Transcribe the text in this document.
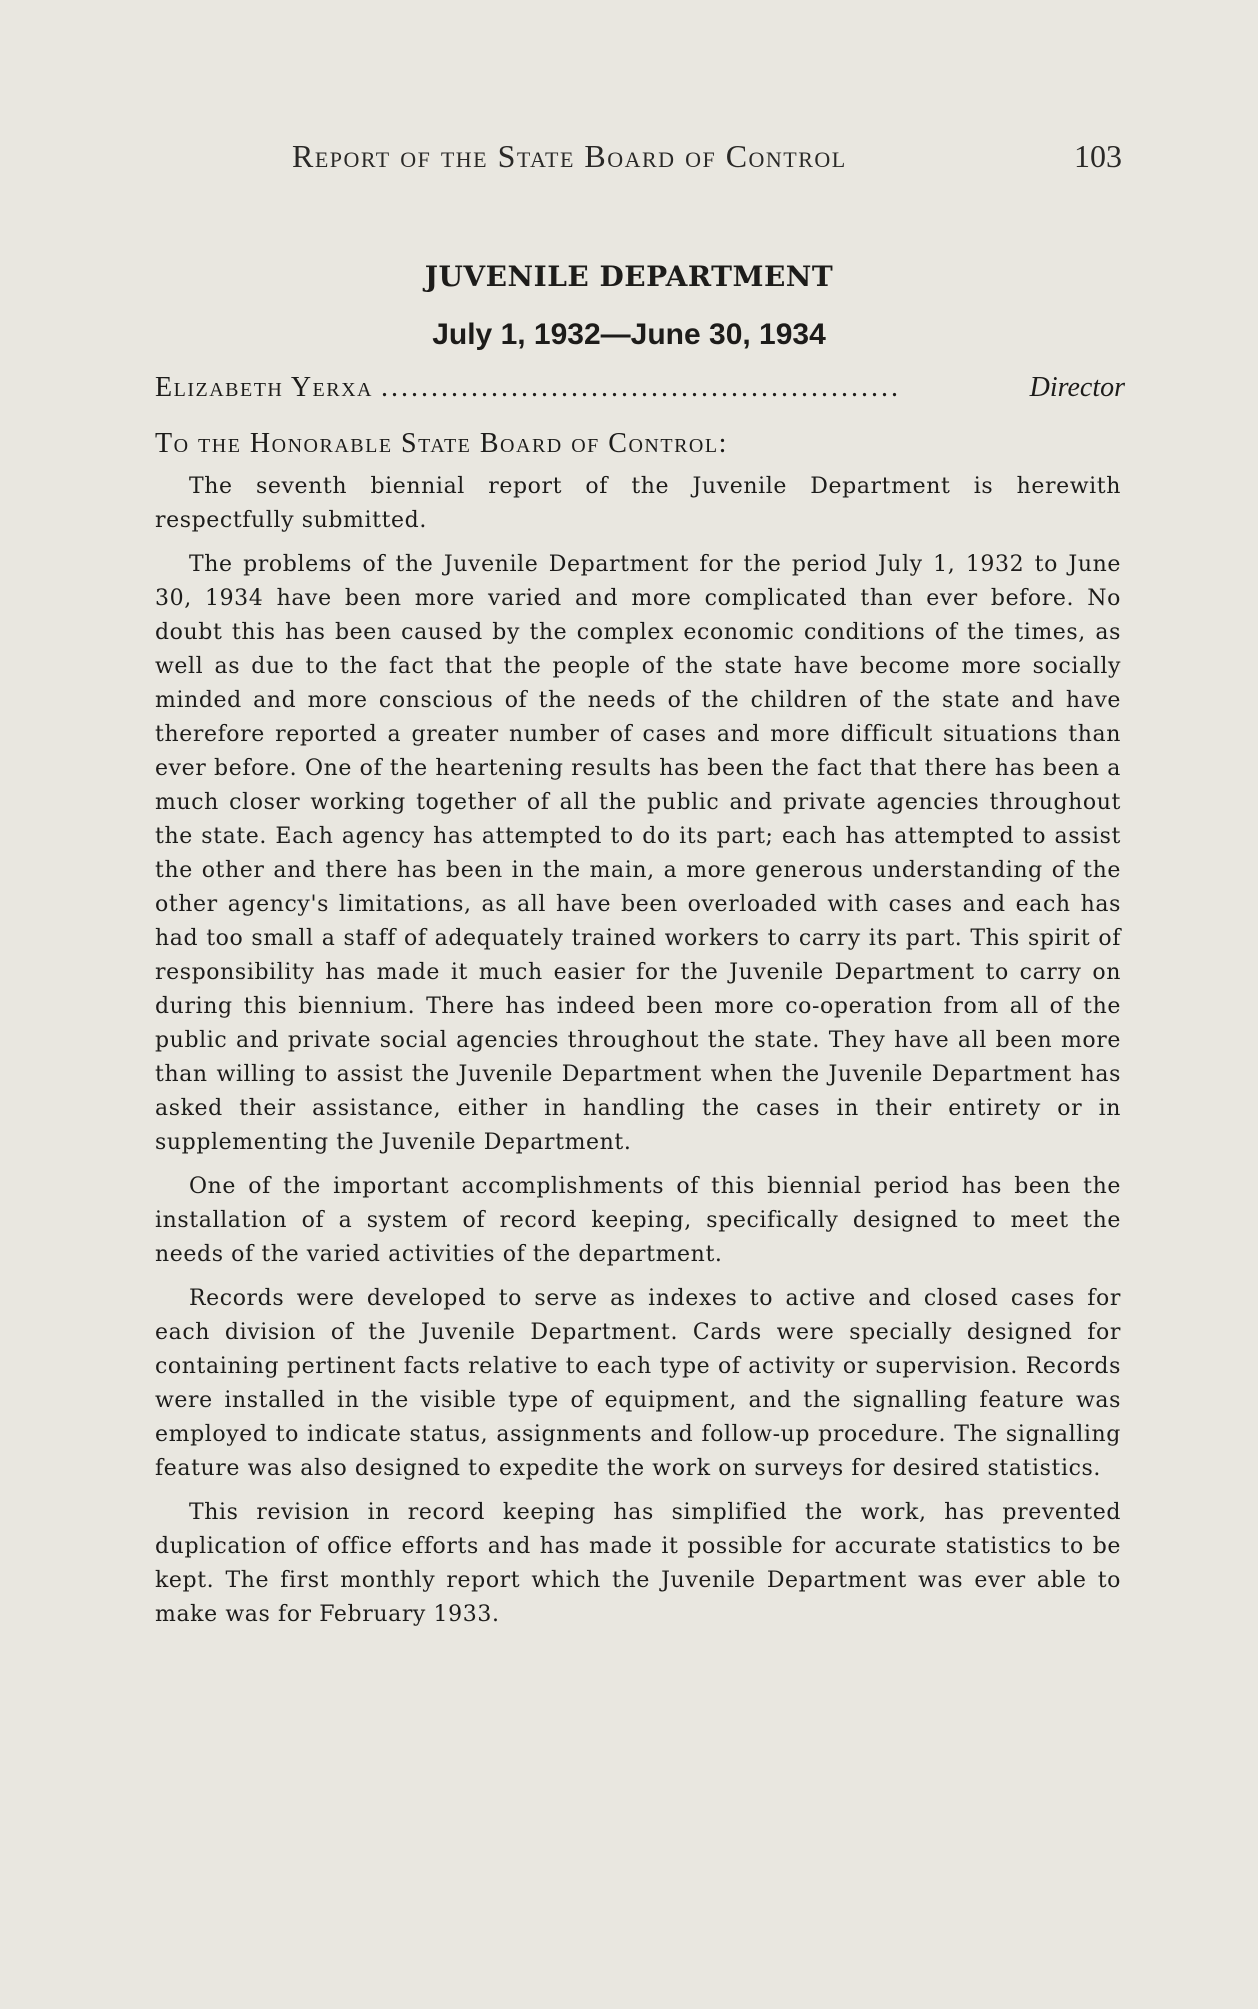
Report of the State Board of Control	103
JUVENILE DEPARTMENT
July 1, 1932—June 30, 1934
Elizabeth Yerxa ....................................................	Director
To the Honorable State Board of Control:

The seventh biennial report of the Juvenile Department is herewith respectfully submitted.

The problems of the Juvenile Department for the period July 1, 1932 to June 30, 1934 have been more varied and more complicated than ever before. No doubt this has been caused by the complex economic conditions of the times, as well as due to the fact that the people of the state have become more socially minded and more conscious of the needs of the children of the state and have therefore reported a greater number of cases and more difficult situations than ever before. One of the heartening results has been the fact that there has been a much closer working together of all the public and private agencies throughout the state. Each agency has attempted to do its part; each has attempted to assist the other and there has been in the main, a more generous understanding of the other agency's limitations, as all have been overloaded with cases and each has had too small a staff of adequately trained workers to carry its part. This spirit of responsibility has made it much easier for the Juvenile Department to carry on during this biennium. There has indeed been more co-operation from all of the public and private social agencies throughout the state. They have all been more than willing to assist the Juvenile Department when the Juvenile Department has asked their assistance, either in handling the cases in their entirety or in supplementing the Juvenile Department.

One of the important accomplishments of this biennial period has been the installation of a system of record keeping, specifically designed to meet the needs of the varied activities of the department.

Records were developed to serve as indexes to active and closed cases for each division of the Juvenile Department. Cards were specially designed for containing pertinent facts relative to each type of activity or supervision. Records were installed in the visible type of equipment, and the signalling feature was employed to indicate status, assignments and follow-up procedure. The signalling feature was also designed to expedite the work on surveys for desired statistics.

This revision in record keeping has simplified the work, has prevented duplication of office efforts and has made it possible for accurate statistics to be kept. The first monthly report which the Juvenile Department was ever able to make was for February 1933.
